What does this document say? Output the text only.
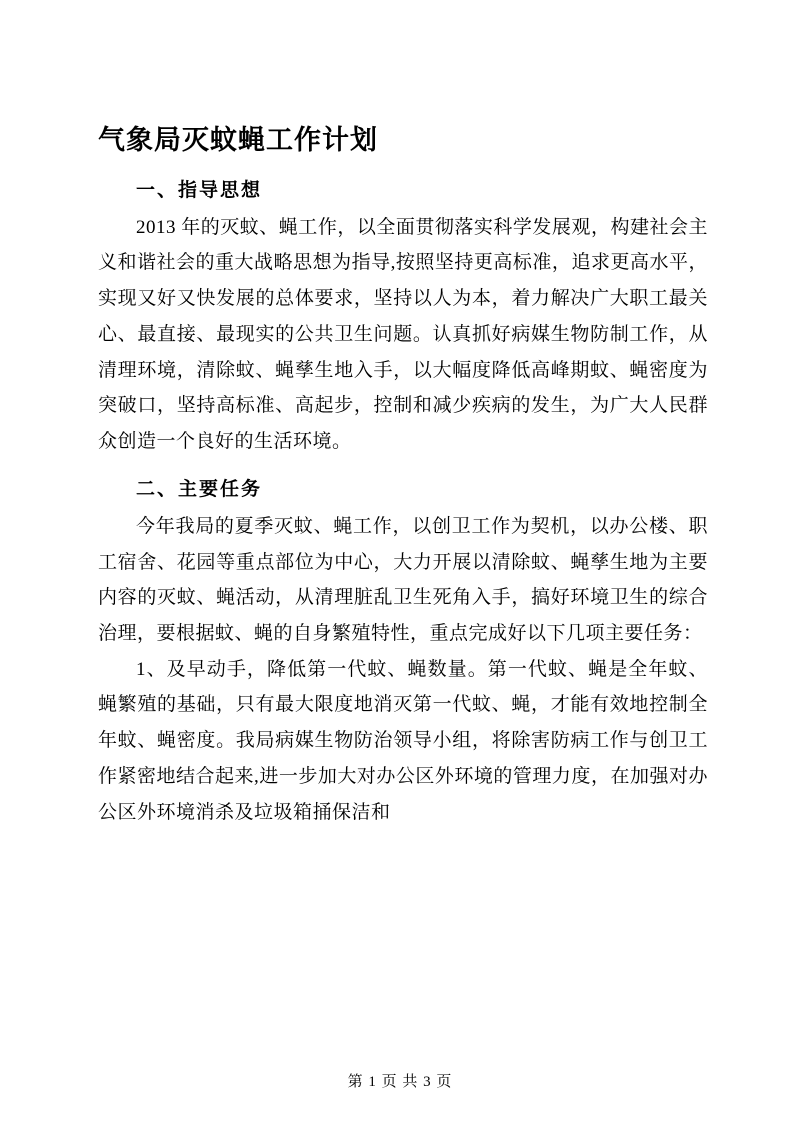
气象局灭蚊蝇工作计划
一、指导思想

2013 年的灭蚊、蝇工作，以全面贯彻落实科学发展观，构建社会主义和谐社会的重大战略思想为指导,按照坚持更高标准，追求更高水平，实现又好又快发展的总体要求，坚持以人为本，着力解决广大职工最关心、最直接、最现实的公共卫生问题。认真抓好病媒生物防制工作，从清理环境，清除蚊、蝇孳生地入手，以大幅度降低高峰期蚊、蝇密度为突破口，坚持高标准、高起步，控制和减少疾病的发生，为广大人民群众创造一个良好的生活环境。

二、主要任务

今年我局的夏季灭蚊、蝇工作，以创卫工作为契机，以办公楼、职工宿舍、花园等重点部位为中心，大力开展以清除蚊、蝇孳生地为主要内容的灭蚊、蝇活动，从清理脏乱卫生死角入手，搞好环境卫生的综合治理，要根据蚊、蝇的自身繁殖特性，重点完成好以下几项主要任务：

1、及早动手，降低第一代蚊、蝇数量。第一代蚊、蝇是全年蚊、蝇繁殖的基础，只有最大限度地消灭第一代蚊、蝇，才能有效地控制全年蚊、蝇密度。我局病媒生物防治领导小组，将除害防病工作与创卫工作紧密地结合起来,进一步加大对办公区外环境的管理力度，在加强对办公区外环境消杀及垃圾箱捅保洁和

第 1 页 共 3 页
